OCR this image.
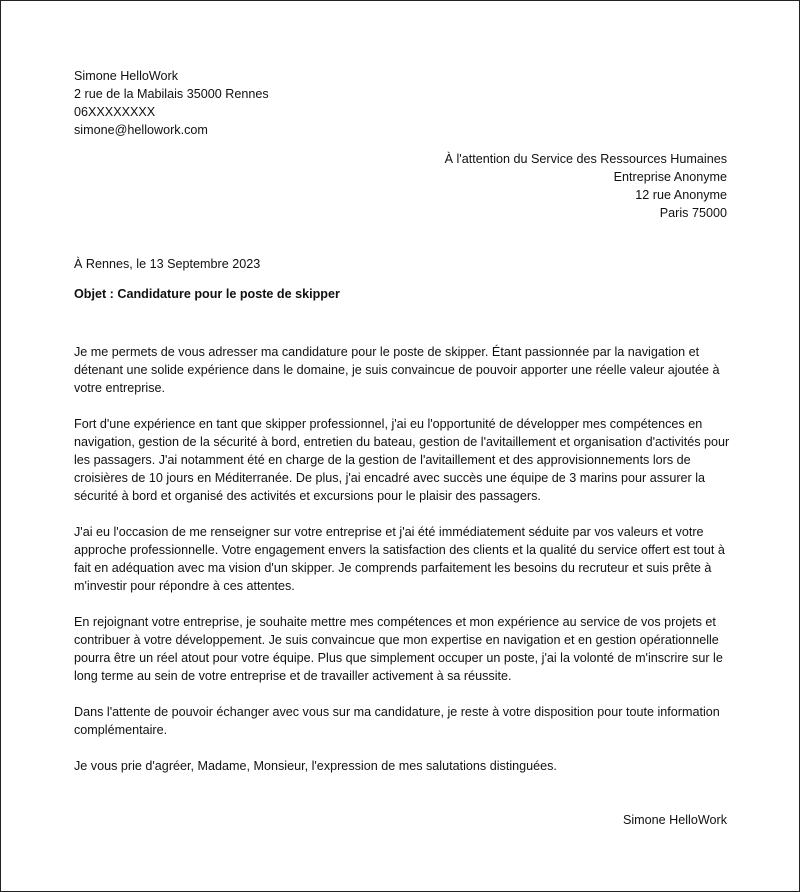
Simone HelloWork
2 rue de la Mabilais 35000 Rennes
06XXXXXXXX
simone@hellowork.com
À l'attention du Service des Ressources Humaines
Entreprise Anonyme
12 rue Anonyme
Paris 75000
À Rennes, le 13 Septembre 2023
Objet : Candidature pour le poste de skipper

Je me permets de vous adresser ma candidature pour le poste de skipper. Étant passionnée par la navigation et détenant une solide expérience dans le domaine, je suis convaincue de pouvoir apporter une réelle valeur ajoutée à votre entreprise.

Fort d'une expérience en tant que skipper professionnel, j'ai eu l'opportunité de développer mes compétences en navigation, gestion de la sécurité à bord, entretien du bateau, gestion de l'avitaillement et organisation d'activités pour les passagers. J'ai notamment été en charge de la gestion de l'avitaillement et des approvisionnements lors de croisières de 10 jours en Méditerranée. De plus, j'ai encadré avec succès une équipe de 3 marins pour assurer la sécurité à bord et organisé des activités et excursions pour le plaisir des passagers.

J'ai eu l'occasion de me renseigner sur votre entreprise et j'ai été immédiatement séduite par vos valeurs et votre approche professionnelle. Votre engagement envers la satisfaction des clients et la qualité du service offert est tout à fait en adéquation avec ma vision d'un skipper. Je comprends parfaitement les besoins du recruteur et suis prête à m'investir pour répondre à ces attentes.

En rejoignant votre entreprise, je souhaite mettre mes compétences et mon expérience au service de vos projets et contribuer à votre développement. Je suis convaincue que mon expertise en navigation et en gestion opérationnelle pourra être un réel atout pour votre équipe. Plus que simplement occuper un poste, j'ai la volonté de m'inscrire sur le long terme au sein de votre entreprise et de travailler activement à sa réussite.

Dans l'attente de pouvoir échanger avec vous sur ma candidature, je reste à votre disposition pour toute information complémentaire.

Je vous prie d'agréer, Madame, Monsieur, l'expression de mes salutations distinguées.

Simone HelloWork
